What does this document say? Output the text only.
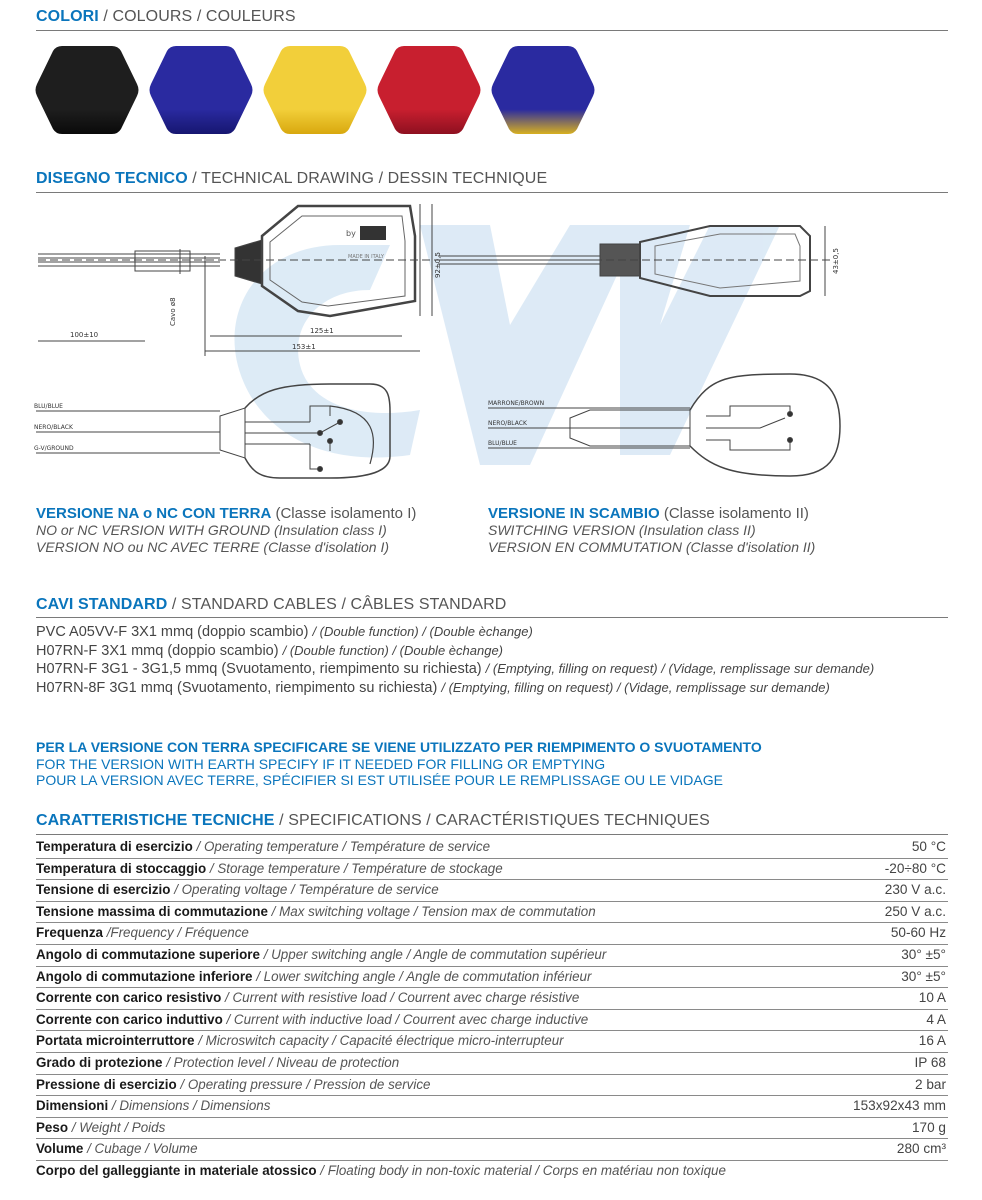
COLORI / COLOURS / COULEURS
DISEGNO TECNICO / TECHNICAL DRAWING / DESSIN TECHNIQUE
100±10	125±1
153±1
92±0,5
Cavo ø8
by
MADE IN ITALY	43±0,5
BLU/BLUE
NERO/BLACK
G-V/GROUND
MARRONE/BROWN
NERO/BLACK
BLU/BLUE
VERSIONE NA o NC CON TERRA (Classe isolamento I)
NO or NC VERSION WITH GROUND (Insulation class I)
VERSION NO ou NC AVEC TERRE (Classe d'isolation I)
VERSIONE IN SCAMBIO (Classe isolamento II)
SWITCHING VERSION (Insulation class II)
VERSION EN COMMUTATION (Classe d'isolation II)
CAVI STANDARD / STANDARD CABLES / CÂBLES STANDARD
PVC A05VV-F 3X1 mmq (doppio scambio) / (Double function) / (Double èchange)
H07RN-F 3X1 mmq (doppio scambio) / (Double function) / (Double èchange)
H07RN-F 3G1 - 3G1,5 mmq (Svuotamento, riempimento su richiesta) / (Emptying, filling on request) / (Vidage, remplissage sur demande)
H07RN-8F 3G1 mmq (Svuotamento, riempimento su richiesta) / (Emptying, filling on request) / (Vidage, remplissage sur demande)
PER LA VERSIONE CON TERRA SPECIFICARE SE VIENE UTILIZZATO PER RIEMPIMENTO O SVUOTAMENTO
FOR THE VERSION WITH EARTH SPECIFY IF IT NEEDED FOR FILLING OR EMPTYING
POUR LA VERSION AVEC TERRE, SPÉCIFIER SI EST UTILISÉE POUR LE REMPLISSAGE OU LE VIDAGE
CARATTERISTICHE TECNICHE / SPECIFICATIONS / CARACTÉRISTIQUES TECHNIQUES
Temperatura di esercizio / Operating temperature / Température de service	50 °C
Temperatura di stoccaggio / Storage temperature / Température de stockage	-20÷80 °C
Tensione di esercizio / Operating voltage / Température de service	230 V a.c.
Tensione massima di commutazione / Max switching voltage / Tension max de commutation	250 V a.c.
Frequenza /Frequency / Fréquence	50-60 Hz
Angolo di commutazione superiore / Upper switching angle / Angle de commutation supérieur	30° ±5°
Angolo di commutazione inferiore / Lower switching angle / Angle de commutation inférieur	30° ±5°
Corrente con carico resistivo / Current with resistive load / Courrent avec charge résistive	10 A
Corrente con carico induttivo / Current with inductive load / Courrent avec charge inductive	4 A
Portata microinterruttore / Microswitch capacity / Capacité électrique micro-interrupteur	16 A
Grado di protezione / Protection level / Niveau de protection	IP 68
Pressione di esercizio / Operating pressure / Pression de service	2 bar
Dimensioni / Dimensions / Dimensions	153x92x43 mm
Peso / Weight / Poids	170 g
Volume / Cubage / Volume	280 cm³
Corpo del galleggiante in materiale atossico / Floating body in non-toxic material / Corps en matériau non toxique
